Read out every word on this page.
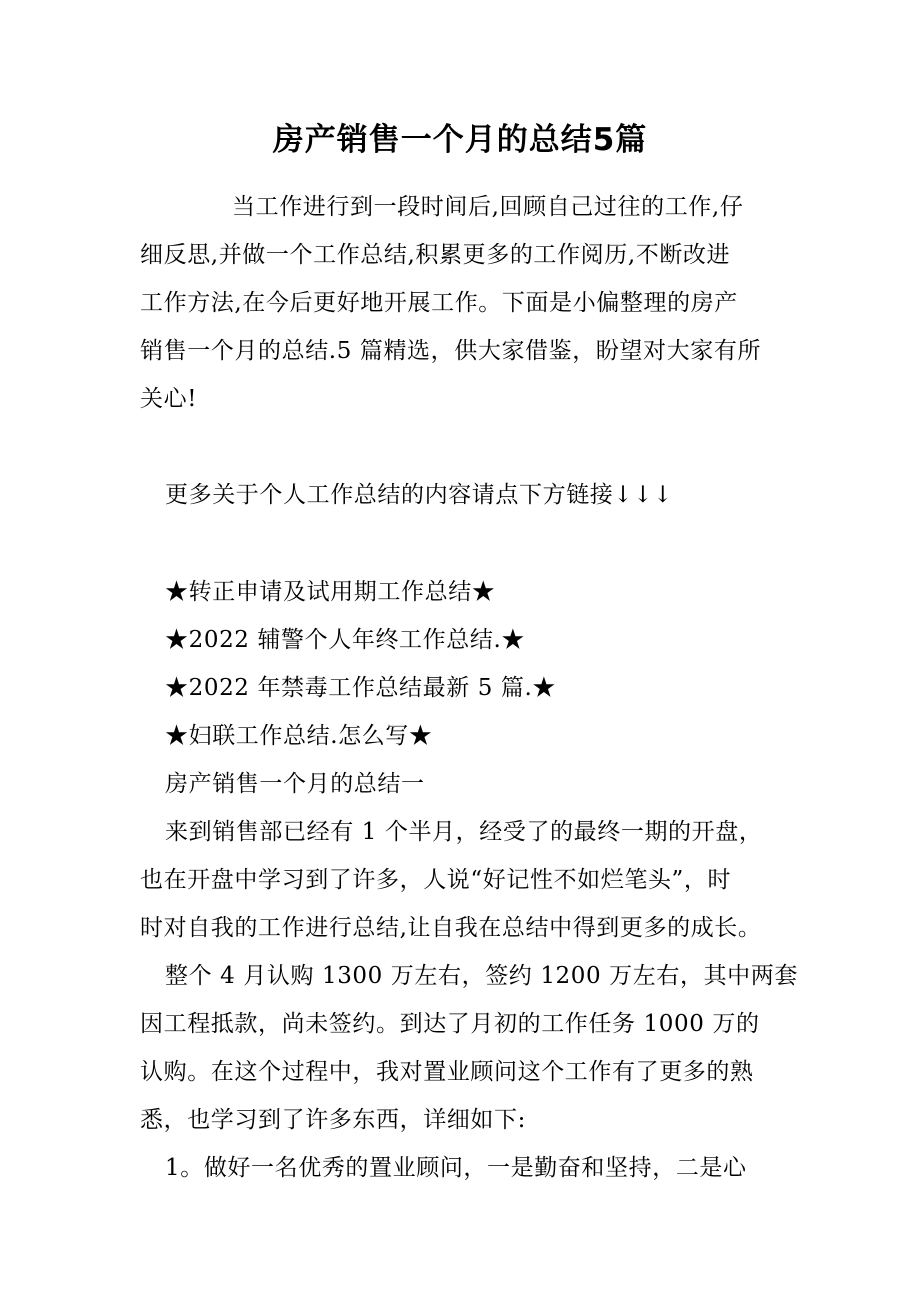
房产销售一个月的总结5篇
当工作进行到一段时间后,回顾自己过往的工作,仔
细反思,并做一个工作总结,积累更多的工作阅历,不断改进
工作方法,在今后更好地开展工作。下面是小偏整理的房产
销售一个月的总结.5 篇精选，供大家借鉴，盼望对大家有所
关心!
更多关于个人工作总结的内容请点下方链接↓↓↓
★转正申请及试用期工作总结★
★2022 辅警个人年终工作总结.★
★2022 年禁毒工作总结最新 5 篇.★
★妇联工作总结.怎么写★
房产销售一个月的总结一
来到销售部已经有 1 个半月，经受了的最终一期的开盘，
也在开盘中学习到了许多，人说“好记性不如烂笔头”，时
时对自我的工作进行总结,让自我在总结中得到更多的成长。
整个 4 月认购 1300 万左右，签约 1200 万左右，其中两套
因工程抵款，尚未签约。到达了月初的工作任务 1000 万的
认购。在这个过程中，我对置业顾问这个工作有了更多的熟
悉，也学习到了许多东西，详细如下:
1。做好一名优秀的置业顾问，一是勤奋和坚持，二是心
